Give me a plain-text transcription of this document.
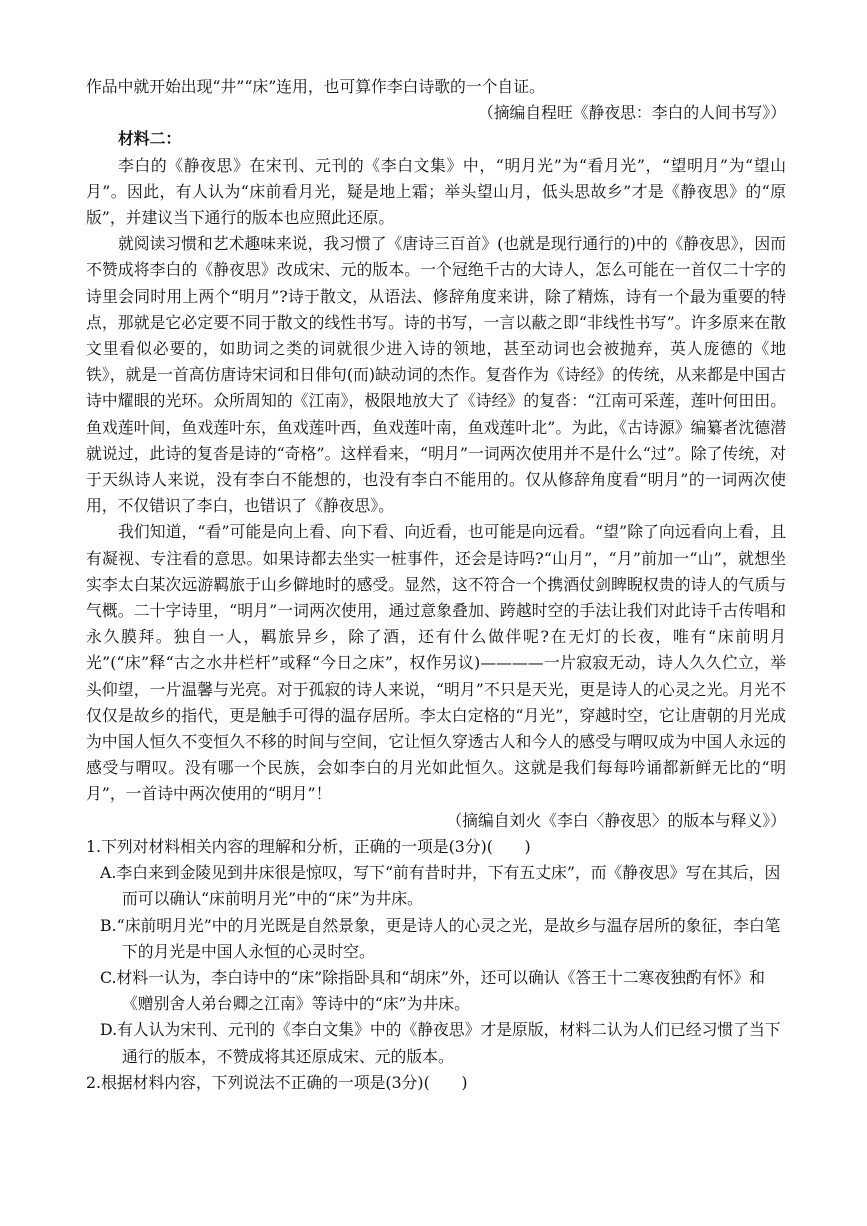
作品中就开始出现“井”“床”连用，也可算作李白诗歌的一个自证。

（摘编自程旺《静夜思：李白的人间书写》）

材料二：

李白的《静夜思》在宋刊、元刊的《李白文集》中，“明月光”为“看月光”，“望明月”为“望山月”。因此，有人认为“床前看月光，疑是地上霜；举头望山月，低头思故乡”才是《静夜思》的“原版”，并建议当下通行的版本也应照此还原。

就阅读习惯和艺术趣味来说，我习惯了《唐诗三百首》(也就是现行通行的)中的《静夜思》，因而不赞成将李白的《静夜思》改成宋、元的版本。一个冠绝千古的大诗人，怎么可能在一首仅二十字的诗里会同时用上两个“明月”?诗于散文，从语法、修辞角度来讲，除了精炼，诗有一个最为重要的特点，那就是它必定要不同于散文的线性书写。诗的书写，一言以蔽之即“非线性书写”。许多原来在散文里看似必要的，如助词之类的词就很少进入诗的领地，甚至动词也会被抛弃，英人庞德的《地铁》，就是一首高仿唐诗宋词和日俳句(而)缺动词的杰作。复沓作为《诗经》的传统，从来都是中国古诗中耀眼的光环。众所周知的《江南》，极限地放大了《诗经》的复沓：“江南可采莲，莲叶何田田。鱼戏莲叶间，鱼戏莲叶东，鱼戏莲叶西，鱼戏莲叶南，鱼戏莲叶北”。为此，《古诗源》编纂者沈德潜就说过，此诗的复沓是诗的“奇格”。这样看来，“明月”一词两次使用并不是什么“过”。除了传统，对于天纵诗人来说，没有李白不能想的，也没有李白不能用的。仅从修辞角度看“明月”的一词两次使用，不仅错识了李白，也错识了《静夜思》。

我们知道，“看”可能是向上看、向下看、向近看，也可能是向远看。“望”除了向远看向上看，且有凝视、专注看的意思。如果诗都去坐实一桩事件，还会是诗吗?“山月”，“月”前加一“山”，就想坐实李太白某次远游羁旅于山乡僻地时的感受。显然，这不符合一个携酒仗剑睥睨权贵的诗人的气质与气概。二十字诗里，“明月”一词两次使用，通过意象叠加、跨越时空的手法让我们对此诗千古传唱和永久膜拜。独自一人，羁旅异乡，除了酒，还有什么做伴呢?在无灯的长夜，唯有“床前明月光”(“床”释“古之水井栏杆”或释“今日之床”，权作另议)————一片寂寂无动，诗人久久伫立，举头仰望，一片温馨与光亮。对于孤寂的诗人来说，“明月”不只是天光，更是诗人的心灵之光。月光不仅仅是故乡的指代，更是触手可得的温存居所。李太白定格的“月光”，穿越时空，它让唐朝的月光成为中国人恒久不变恒久不移的时间与空间，它让恒久穿透古人和今人的感受与喟叹成为中国人永远的感受与喟叹。没有哪一个民族，会如李白的月光如此恒久。这就是我们每每吟诵都新鲜无比的“明月”，一首诗中两次使用的“明月”！

（摘编自刘火《李白〈静夜思〉的版本与释义》）

1.下列对材料相关内容的理解和分析，正确的一项是(3分)(　　)

A.李白来到金陵见到井床很是惊叹，写下“前有昔时井，下有五丈床”，而《静夜思》写在其后，因而可以确认“床前明月光”中的“床”为井床。

B.“床前明月光”中的月光既是自然景象，更是诗人的心灵之光，是故乡与温存居所的象征，李白笔下的月光是中国人永恒的心灵时空。

C.材料一认为，李白诗中的“床”除指卧具和“胡床”外，还可以确认《答王十二寒夜独酌有怀》和《赠别舍人弟台卿之江南》等诗中的“床”为井床。

D.有人认为宋刊、元刊的《李白文集》中的《静夜思》才是原版，材料二认为人们已经习惯了当下通行的版本，不赞成将其还原成宋、元的版本。

2.根据材料内容，下列说法不正确的一项是(3分)(　　)
